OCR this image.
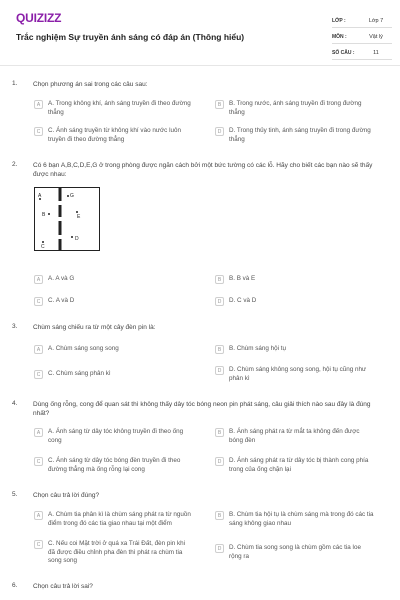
QUIZIZZ
Trắc nghiệm Sự truyền ánh sáng có đáp án (Thông hiểu)
LỚP :	Lớp 7
MÔN :	Vật lý
SỐ CÂU :	11
1. Chọn phương án sai trong các câu sau:
A	A. Trong không khí, ánh sáng truyền đi theo đường thẳng
B	B. Trong nước, ánh sáng truyền đi trong đường thẳng
C	C. Ánh sáng truyền từ không khí vào nước luôn truyền đi theo đường thẳng
D	D. Trong thủy tinh, ánh sáng truyền đi trong đường thẳng
2. Có 6 bạn A,B,C,D,E,G ở trong phòng được ngăn cách bởi một bức tường có các lỗ. Hãy cho biết các bạn nào sẽ thấy được nhau:
A	G
B	E
D
C
A	A. A và G	B	B. B và E
C	C. A và D	D	D. C và D
3. Chùm sáng chiếu ra từ một cây đèn pin là:
A	A. Chùm sáng song song	B	B. Chùm sáng hội tụ
C	C. Chùm sáng phân kì	D	D. Chùm sáng không song song, hội tụ cũng như phân kì
4. Dùng ống rỗng, cong để quan sát thì không thấy dây tóc bóng neon pin phát sáng, câu giải thích nào sau đây là đúng nhất?
A	A. Ánh sáng từ dây tóc không truyền đi theo ống cong
B	B. Ánh sáng phát ra từ mắt ta không đến được bóng đèn
C	C. Ánh sáng từ dây tóc bóng đèn truyền đi theo đường thẳng mà ống rỗng lại cong
D	D. Ánh sáng phát ra từ dây tóc bị thành cong phía trong của ống chặn lại
5. Chọn câu trả lời đúng?
A	A. Chùm tia phân kì là chùm sáng phát ra từ nguồn điểm trong đó các tia giao nhau tại một điểm
B	B. Chùm tia hội tụ là chùm sáng mà trong đó các tia sáng không giao nhau
C	C. Nếu coi Mặt trời ở quá xa Trái Đất, đèn pin khi đã được điều chỉnh pha đèn thì phát ra chùm tia song song
D	D. Chùm tia song song là chùm gồm các tia loe rộng ra
6. Chọn câu trả lời sai?
